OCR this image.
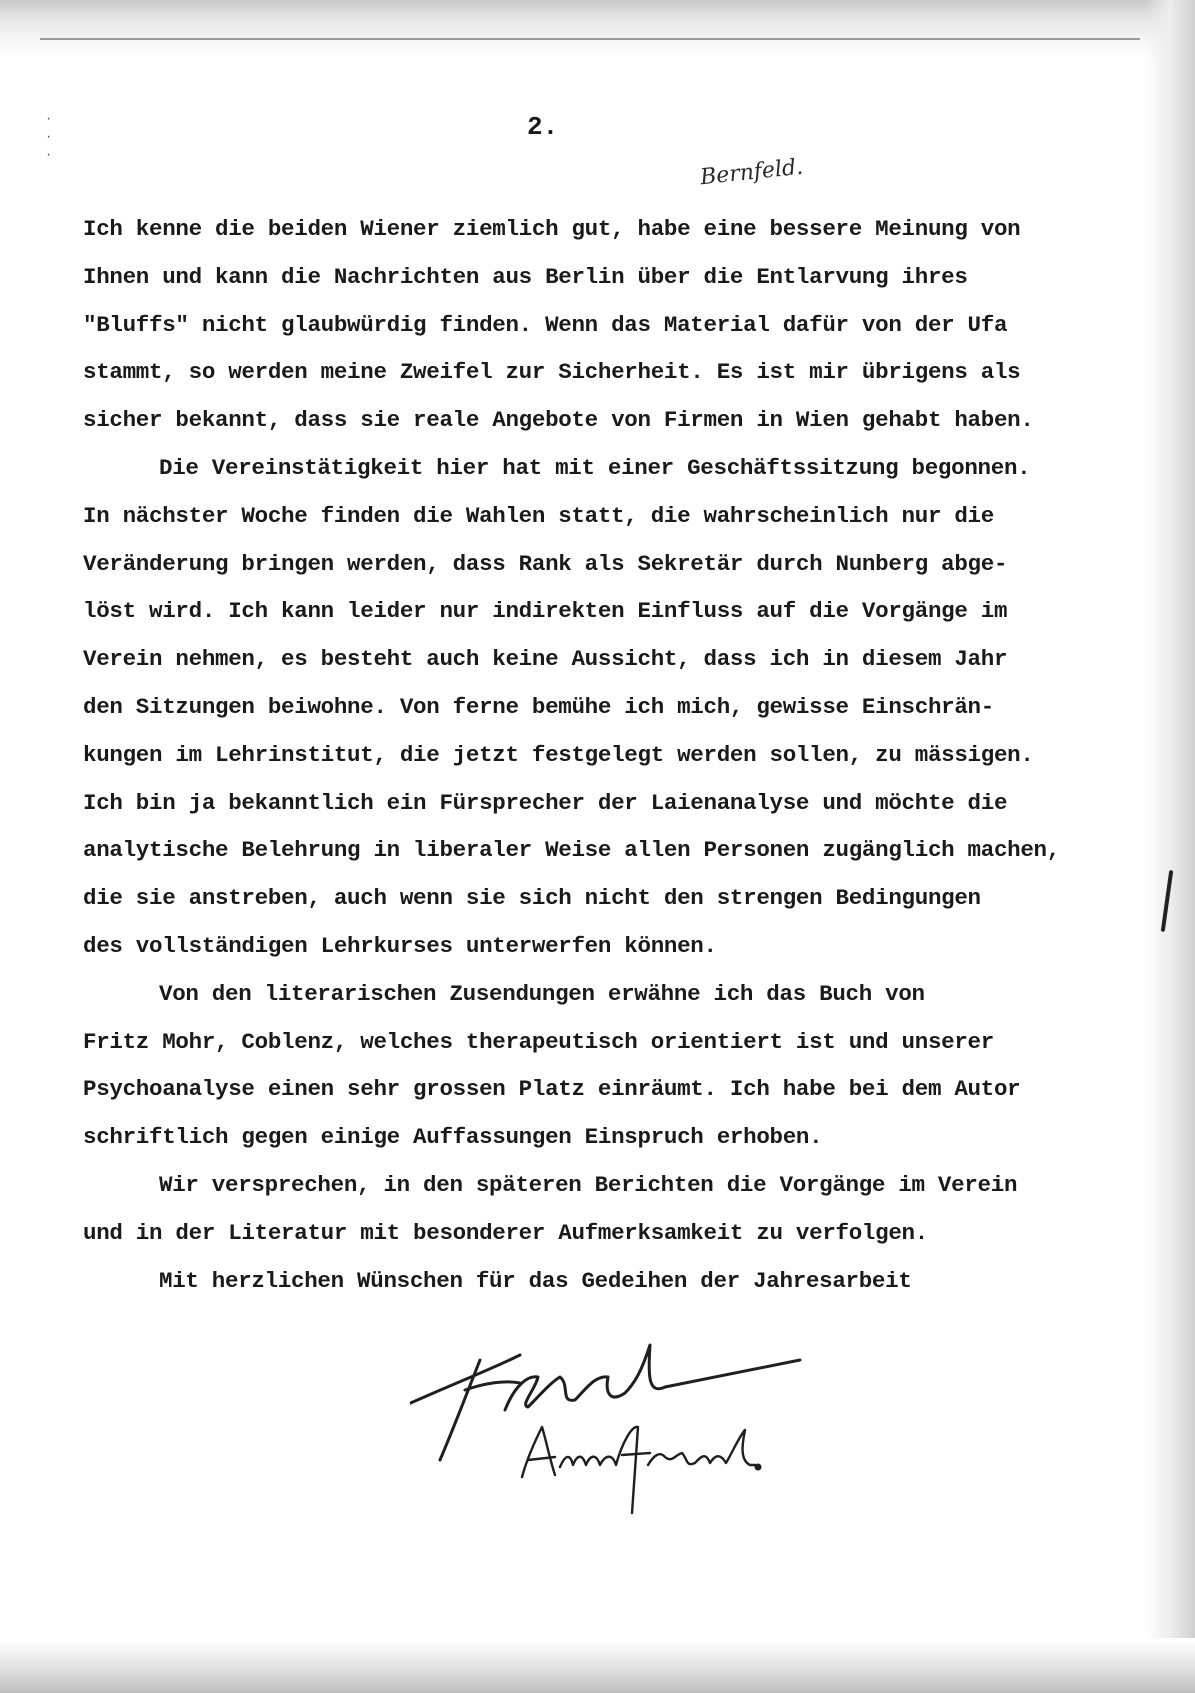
·
·
·
2.
Bernfeld.
Ich kenne die beiden Wiener ziemlich gut, habe eine bessere Meinung von
Ihnen und kann die Nachrichten aus Berlin über die Entlarvung ihres
"Bluffs" nicht glaubwürdig finden. Wenn das Material dafür von der Ufa
stammt, so werden meine Zweifel zur Sicherheit. Es ist mir übrigens als
sicher bekannt, dass sie reale Angebote von Firmen in Wien gehabt haben.
Die Vereinstätigkeit hier hat mit einer Geschäftssitzung begonnen.
In nächster Woche finden die Wahlen statt, die wahrscheinlich nur die
Veränderung bringen werden, dass Rank als Sekretär durch Nunberg abge-
löst wird. Ich kann leider nur indirekten Einfluss auf die Vorgänge im
Verein nehmen, es besteht auch keine Aussicht, dass ich in diesem Jahr
den Sitzungen beiwohne. Von ferne bemühe ich mich, gewisse Einschrän-
kungen im Lehrinstitut, die jetzt festgelegt werden sollen, zu mässigen.
Ich bin ja bekanntlich ein Fürsprecher der Laienanalyse und möchte die
analytische Belehrung in liberaler Weise allen Personen zugänglich machen,
die sie anstreben, auch wenn sie sich nicht den strengen Bedingungen
des vollständigen Lehrkurses unterwerfen können.
Von den literarischen Zusendungen erwähne ich das Buch von
Fritz Mohr, Coblenz, welches therapeutisch orientiert ist und unserer
Psychoanalyse einen sehr grossen Platz einräumt. Ich habe bei dem Autor
schriftlich gegen einige Auffassungen Einspruch erhoben.
Wir versprechen, in den späteren Berichten die Vorgänge im Verein
und in der Literatur mit besonderer Aufmerksamkeit zu verfolgen.
Mit herzlichen Wünschen für das Gedeihen der Jahresarbeit
